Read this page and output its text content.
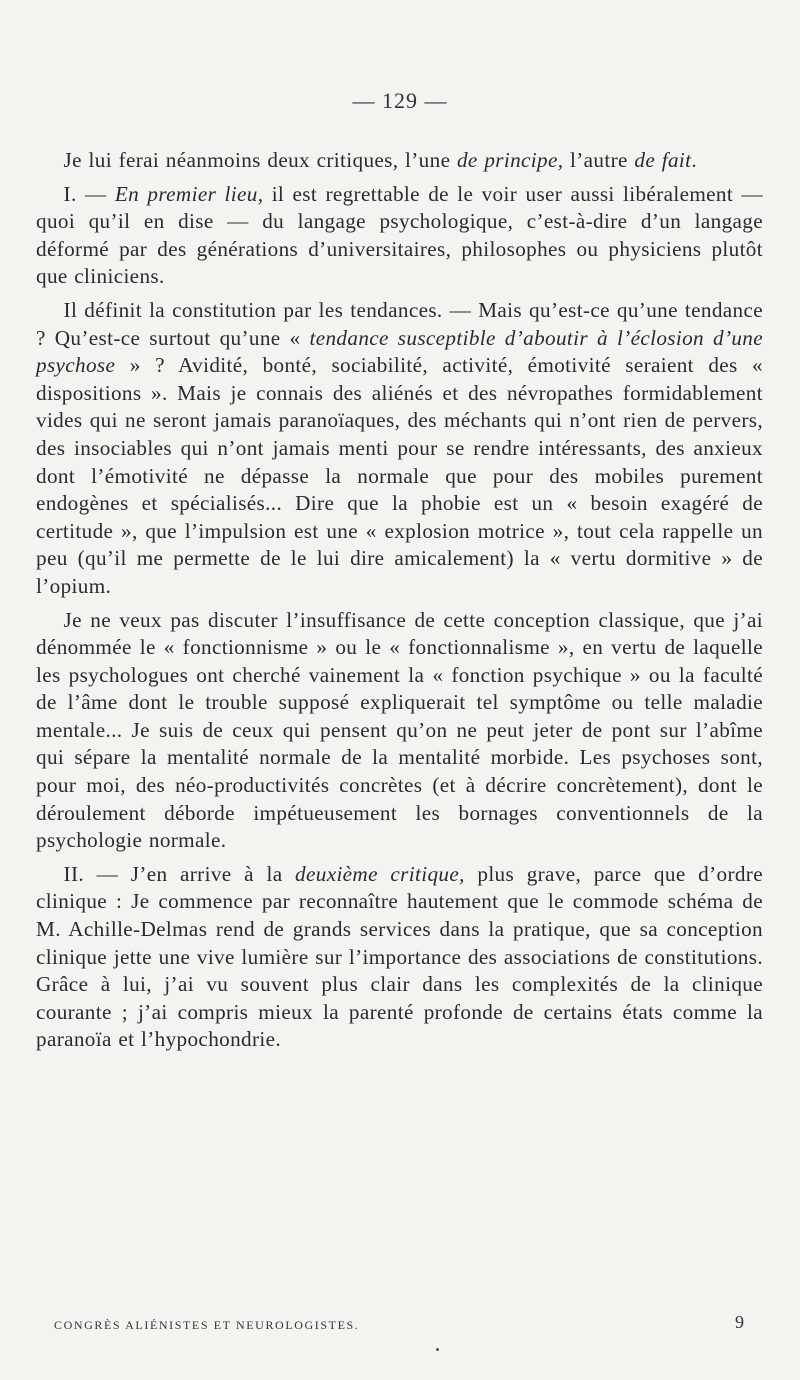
— 129 —

Je lui ferai néanmoins deux critiques, l’une de principe, l’autre de fait.

I. — En premier lieu, il est regrettable de le voir user aussi libéralement — quoi qu’il en dise — du langage psychologique, c’est-à-dire d’un langage déformé par des générations d’universitaires, philosophes ou physiciens plutôt que cliniciens.

Il définit la constitution par les tendances. — Mais qu’est-ce qu’une tendance ? Qu’est-ce surtout qu’une « tendance susceptible d’aboutir à l’éclosion d’une psychose » ? Avidité, bonté, sociabilité, activité, émotivité seraient des « dispositions ». Mais je connais des aliénés et des névropathes formidablement vides qui ne seront jamais paranoïaques, des méchants qui n’ont rien de pervers, des insociables qui n’ont jamais menti pour se rendre intéressants, des anxieux dont l’émotivité ne dépasse la normale que pour des mobiles purement endogènes et spécialisés... Dire que la phobie est un « besoin exagéré de certitude », que l’impulsion est une « explosion motrice », tout cela rappelle un peu (qu’il me permette de le lui dire amicalement) la « vertu dormitive » de l’opium.

Je ne veux pas discuter l’insuffisance de cette conception classique, que j’ai dénommée le « fonctionnisme » ou le « fonctionnalisme », en vertu de laquelle les psychologues ont cherché vainement la « fonction psychique » ou la faculté de l’âme dont le trouble supposé expliquerait tel symptôme ou telle maladie mentale... Je suis de ceux qui pensent qu’on ne peut jeter de pont sur l’abîme qui sépare la mentalité normale de la mentalité morbide. Les psychoses sont, pour moi, des néo-productivités concrètes (et à décrire concrètement), dont le déroulement déborde impétueusement les bornages conventionnels de la psychologie normale.

II. — J’en arrive à la deuxième critique, plus grave, parce que d’ordre clinique : Je commence par reconnaître hautement que le commode schéma de M. Achille-Delmas rend de grands services dans la pratique, que sa conception clinique jette une vive lumière sur l’importance des associations de constitutions. Grâce à lui, j’ai vu souvent plus clair dans les complexités de la clinique courante ; j’ai compris mieux la parenté profonde de certains états comme la paranoïa et l’hypochondrie.

CONGRÈS ALIÉNISTES ET NEUROLOGISTES.	9
